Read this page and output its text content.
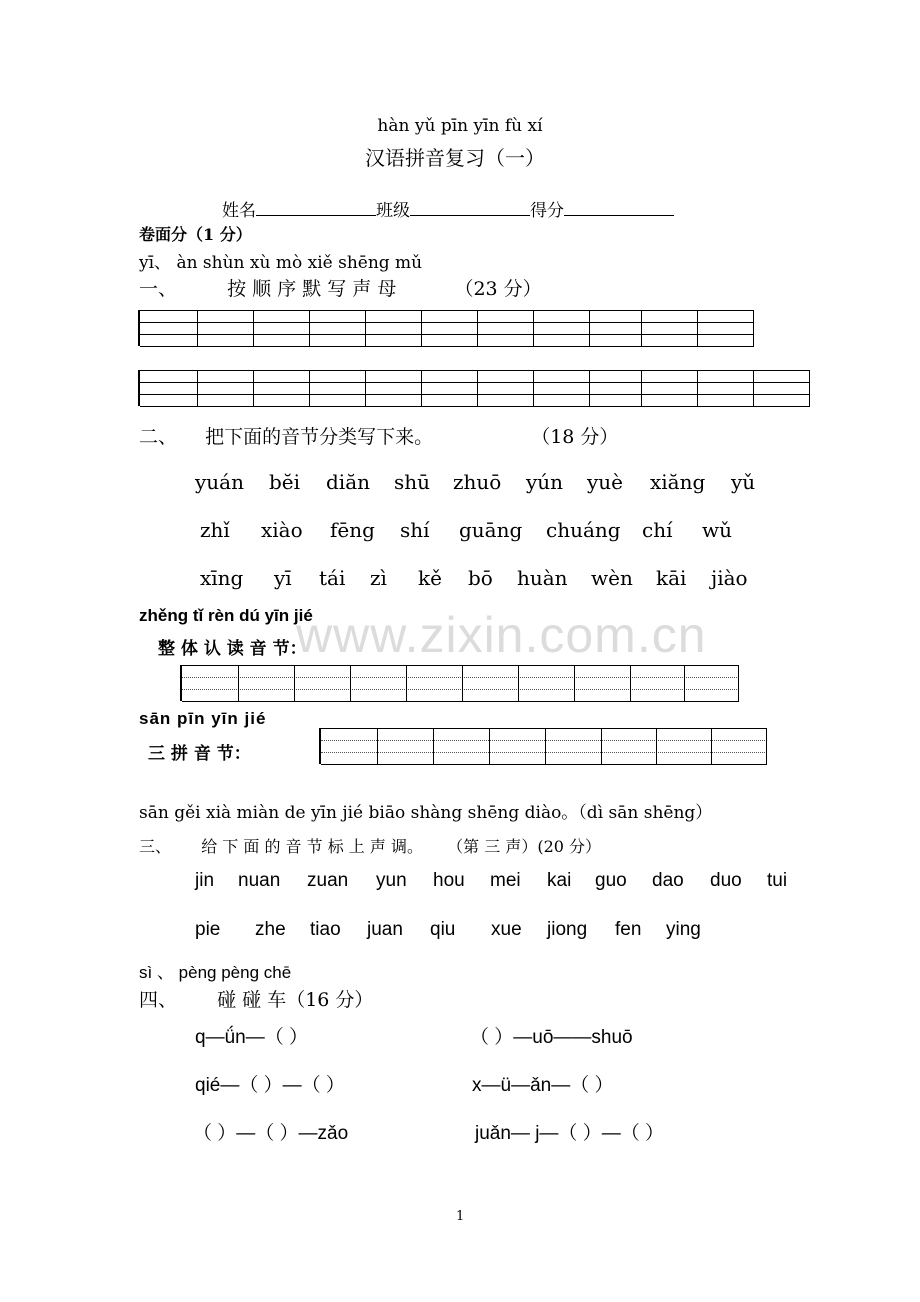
www.zixin.com.cn
hàn yǔ pīn yīn fù xí
汉语拼音复习（一）
姓名	班级	得分
卷面分（1 分）
yī、 àn shùn xù mò xiě shēng mǔ
一、	按 顺 序 默 写 声 母	（23 分）
二、 把下面的音节分类写下来。	（18 分）
yuán bĕi diăn shū zhuō yún yuè xiăng yǔ
zhǐ xiào fēng shí guāng chuáng chí wǔ
xīng yī tái zì kě bō huàn wèn kāi jiào
zhěng tǐ rèn dú yīn jié
整 体 认 读 音 节：
sān pīn yīn jié
三 拼 音 节：
sān gěi xià miàn de yīn jié biāo shàng shēng diào。（dì sān shēng）
三、 给 下 面 的 音 节 标 上 声 调。 （第 三 声）(20 分）
jin nuan zuan yun hou mei kai guo dao duo tui
pie zhe tiao juan qiu xue jiong fen ying
sì 、 pèng pèng chē
四、 碰 碰 车（16 分）
q—ǘn—（ ）	（ ）—uō——shuō
qié—（ ）—（ ）	x—ü—ǎn—（ ）
（ ）—（ ）—zǎo	juǎn— j—（ ）—（ ）
1
